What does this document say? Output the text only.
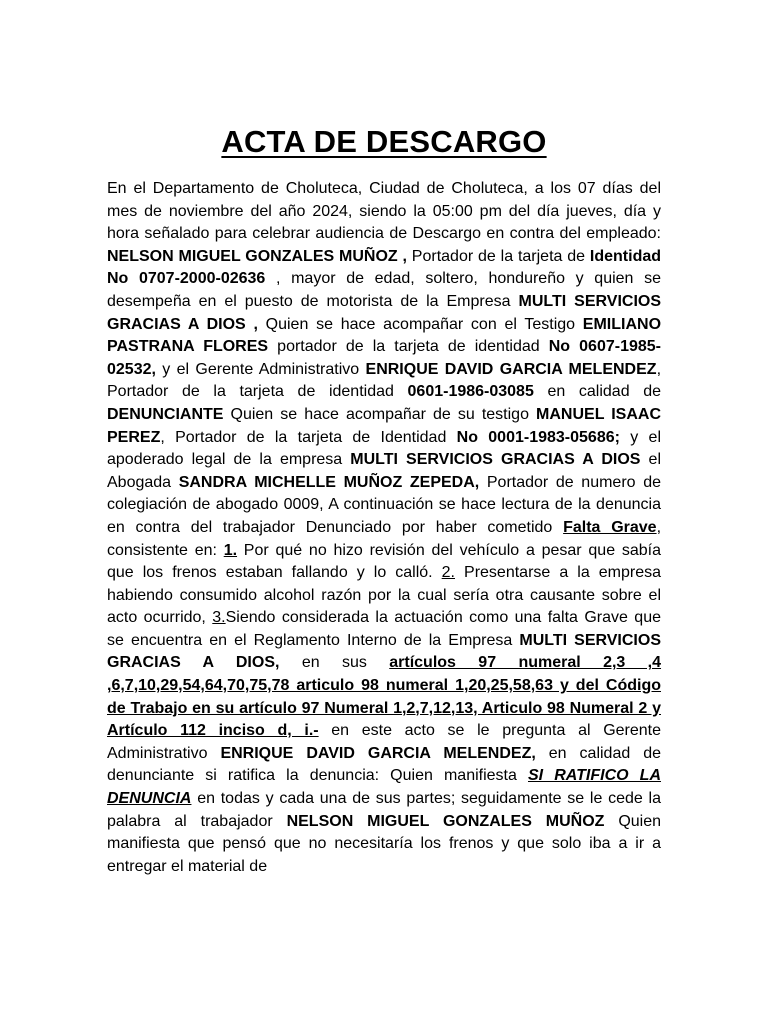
ACTA DE DESCARGO

En el Departamento de Choluteca, Ciudad de Choluteca, a los 07 días del mes de noviembre del año 2024, siendo la 05:00 pm del día jueves, día y hora señalado para celebrar audiencia de Descargo en contra del empleado: NELSON MIGUEL GONZALES MUÑOZ , Portador de la tarjeta de Identidad No 0707-2000-02636 , mayor de edad, soltero, hondureño y quien se desempeña en el puesto de motorista de la Empresa MULTI SERVICIOS GRACIAS A DIOS , Quien se hace acompañar con el Testigo EMILIANO PASTRANA FLORES portador de la tarjeta de identidad No 0607-1985-02532, y el Gerente Administrativo ENRIQUE DAVID GARCIA MELENDEZ, Portador de la tarjeta de identidad 0601-1986-03085 en calidad de DENUNCIANTE Quien se hace acompañar de su testigo MANUEL ISAAC PEREZ, Portador de la tarjeta de Identidad No 0001-1983-05686; y el apoderado legal de la empresa MULTI SERVICIOS GRACIAS A DIOS el Abogada SANDRA MICHELLE MUÑOZ ZEPEDA, Portador de numero de colegiación de abogado 0009, A continuación se hace lectura de la denuncia en contra del trabajador Denunciado por haber cometido Falta Grave, consistente en: 1. Por qué no hizo revisión del vehículo a pesar que sabía que los frenos estaban fallando y lo calló. 2. Presentarse a la empresa habiendo consumido alcohol razón por la cual sería otra causante sobre el acto ocurrido, 3.Siendo considerada la actuación como una falta Grave que se encuentra en el Reglamento Interno de la Empresa MULTI SERVICIOS GRACIAS A DIOS, en sus artículos 97 numeral 2,3 ,4 ,6,7,10,29,54,64,70,75,78 articulo 98 numeral 1,20,25,58,63 y del Código de Trabajo en su artículo 97 Numeral 1,2,7,12,13, Articulo 98 Numeral 2 y Artículo 112 inciso d, i.- en este acto se le pregunta al Gerente Administrativo ENRIQUE DAVID GARCIA MELENDEZ, en calidad de denunciante si ratifica la denuncia: Quien manifiesta SI RATIFICO LA DENUNCIA en todas y cada una de sus partes; seguidamente se le cede la palabra al trabajador NELSON MIGUEL GONZALES MUÑOZ Quien manifiesta que pensó que no necesitaría los frenos y que solo iba a ir a entregar el material de
